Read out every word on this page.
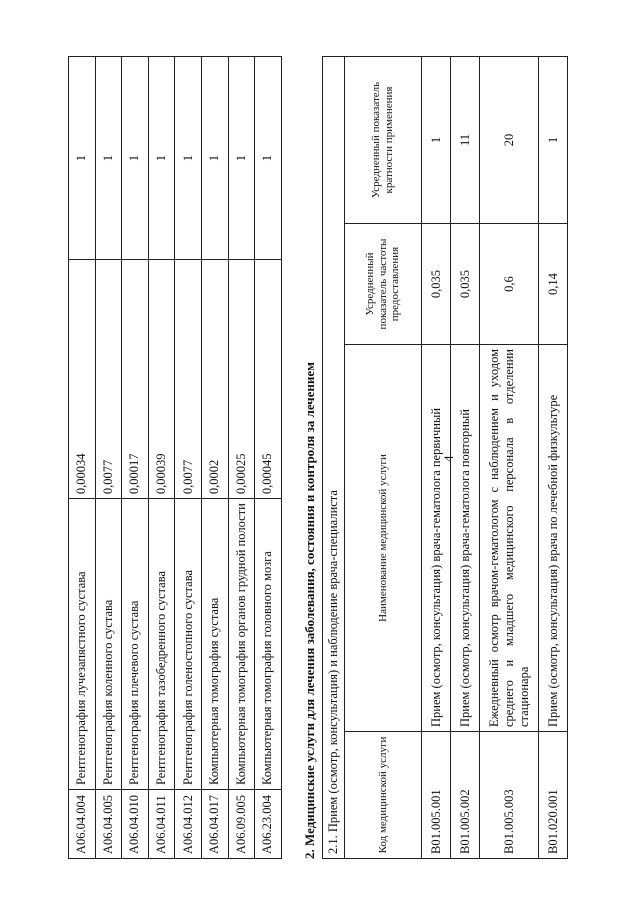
4
A06.04.004	Рентгенография лучезапястного сустава	0,00034	1
A06.04.005	Рентгенография коленного сустава	0,0077	1
A06.04.010	Рентгенография плечевого сустава	0,00017	1
A06.04.011	Рентгенография тазобедренного сустава	0,00039	1
A06.04.012	Рентгенография голеностопного сустава	0,0077	1
A06.04.017	Компьютерная томография сустава	0,0002	1
A06.09.005	Компьютерная томография органов грудной полости	0,00025	1
A06.23.004	Компьютерная томография головного мозга	0,00045	1
2. Медицинские услуги для лечения заболевания, состояния и контроля за лечением 2.1. Прием (осмотр, консультация) и наблюдение врача-специалиста			
Код медицинской услуги	Наименование медицинской услуги	Усредненный показатель частоты предоставления	Усредненный показатель кратности применения
B01.005.001	Прием (осмотр, консультация) врача-гематолога первичный	0,035	1
B01.005.002	Прием (осмотр, консультация) врача-гематолога повторный	0,035	11
B01.005.003	Ежедневный осмотр врачом-гематологом с наблюдением и уходом среднего и младшего медицинского персонала в отделении стационара	0,6	20
B01.020.001	Прием (осмотр, консультация) врача по лечебной физкультуре	0,14	1
